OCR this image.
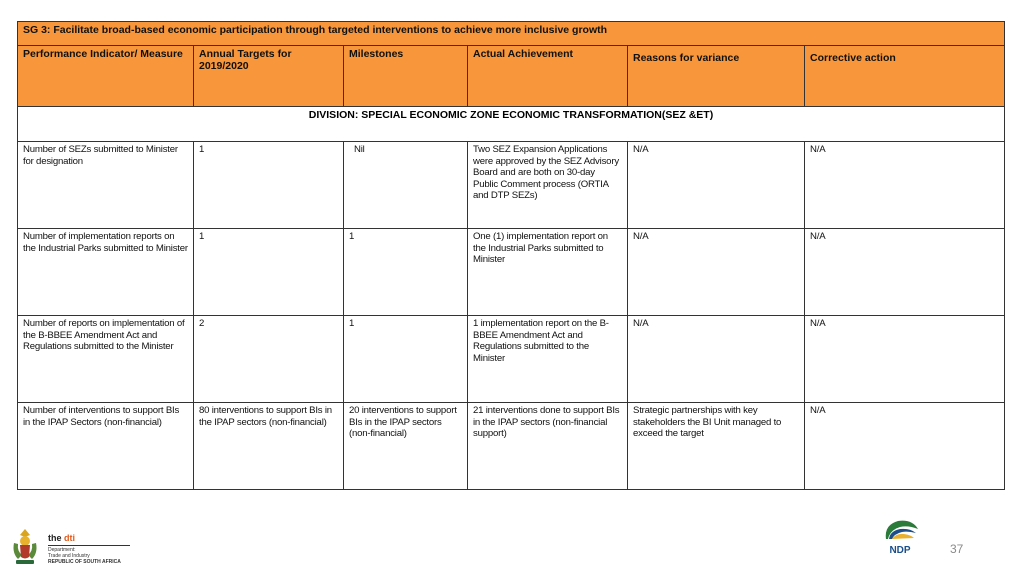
SG 3: Facilitate broad-based economic participation through targeted interventions to achieve more inclusive growth					
Performance Indicator/ Measure	Annual Targets for 2019/2020	Milestones	Actual Achievement	Reasons for variance	Corrective action
DIVISION: SPECIAL ECONOMIC ZONE ECONOMIC TRANSFORMATION(SEZ &ET)					
Number of SEZs submitted to Minister for designation	1	Nil	Two SEZ Expansion Applications were approved by the SEZ Advisory Board and are both on 30-day Public Comment process (ORTIA and DTP SEZs)	N/A	N/A
Number of implementation reports on the Industrial Parks submitted to Minister	1	1	One (1) implementation report on the Industrial Parks submitted to Minister	N/A	N/A
Number of reports on implementation of the B-BBEE Amendment Act and Regulations submitted to the Minister	2	1	1 implementation report on the B-BBEE Amendment Act and Regulations submitted to the Minister	N/A	N/A
Number of interventions to support BIs in the IPAP Sectors (non-financial)	80 interventions to support BIs in the IPAP sectors (non-financial)	20 interventions to support BIs in the IPAP sectors (non-financial)	21 interventions done to support BIs in the IPAP sectors (non-financial support)	Strategic partnerships with key stakeholders the BI Unit managed to exceed the target	N/A
the dti
Department:
Trade and Industry
REPUBLIC OF SOUTH AFRICA
2030
NDP	37
